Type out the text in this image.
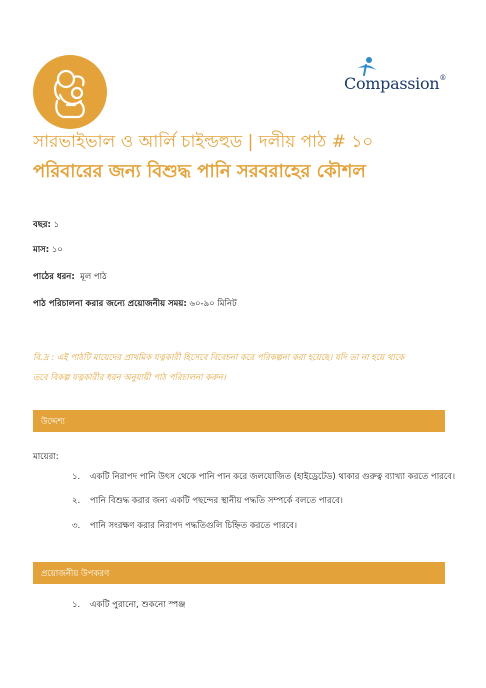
Compassion®
সারভাইভাল ও আর্লি চাইল্ডহুড | দলীয় পাঠ # ১০
পরিবারের জন্য বিশুদ্ধ পানি সরবরাহের কৌশল
বছর: ১
মাস: ১০
পাঠের ধরন: মূল পাঠ
পাঠ পরিচালনা করার জন্যে প্রয়োজনীয় সময়: ৬০-৯০ মিনিট
বি.দ্র : এই পাঠটি মায়েদের প্রাথমিক যত্নকারী হিসেবে বিবেচনা করে পরিকল্পনা করা হয়েছে। যদি তা না হয়ে থাকে
তবে বিকল্প যত্নকারীর ধরন অনুযায়ী পাঠ পরিচালনা করুন।
উদ্দেশ্য
মায়েরা:
১. একটি নিরাপদ পানি উৎস থেকে পানি পান করে জলযোজিত (হাইড্রেটেড) থাকার গুরুত্ব ব্যাখ্যা করতে পারবে।
২. পানি বিশুদ্ধ করার জন্য একটি পছন্দের স্থানীয় পদ্ধতি সম্পর্কে বলতে পারবে।
৩. পানি সংরক্ষণ করার নিরাপদ পদ্ধতিগুলি চিহ্নিত করতে পারবে।
প্রয়োজনীয় উপকরণ
১. একটি পুরানো, শুকনো স্পঞ্জ
